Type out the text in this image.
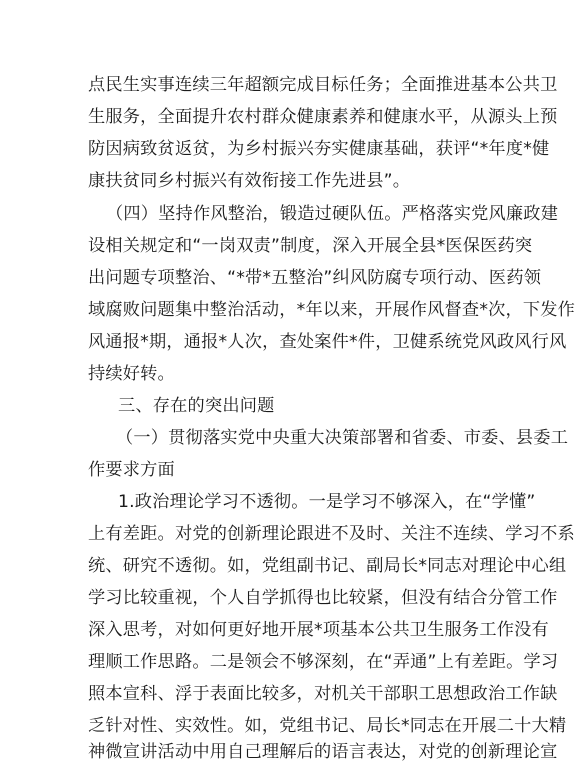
点民生实事连续三年超额完成目标任务；全面推进基本公共卫

生服务，全面提升农村群众健康素养和健康水平，从源头上预

防因病致贫返贫，为乡村振兴夯实健康基础，获评“*年度*健

康扶贫同乡村振兴有效衔接工作先进县”。

（四）坚持作风整治，锻造过硬队伍。严格落实党风廉政建

设相关规定和“一岗双责”制度，深入开展全县*医保医药突

出问题专项整治、“*带*五整治”纠风防腐专项行动、医药领

域腐败问题集中整治活动，*年以来，开展作风督查*次，下发作

风通报*期，通报*人次，查处案件*件，卫健系统党风政风行风

持续好转。

三、存在的突出问题

（一）贯彻落实党中央重大决策部署和省委、市委、县委工

作要求方面

1.政治理论学习不透彻。一是学习不够深入，在“学懂”

上有差距。对党的创新理论跟进不及时、关注不连续、学习不系

统、研究不透彻。如，党组副书记、副局长*同志对理论中心组

学习比较重视，个人自学抓得也比较紧，但没有结合分管工作

深入思考，对如何更好地开展*项基本公共卫生服务工作没有

理顺工作思路。二是领会不够深刻，在“弄通”上有差距。学习

照本宣科、浮于表面比较多，对机关干部职工思想政治工作缺

乏针对性、实效性。如，党组书记、局长*同志在开展二十大精

神微宣讲活动中用自己理解后的语言表达，对党的创新理论宣
